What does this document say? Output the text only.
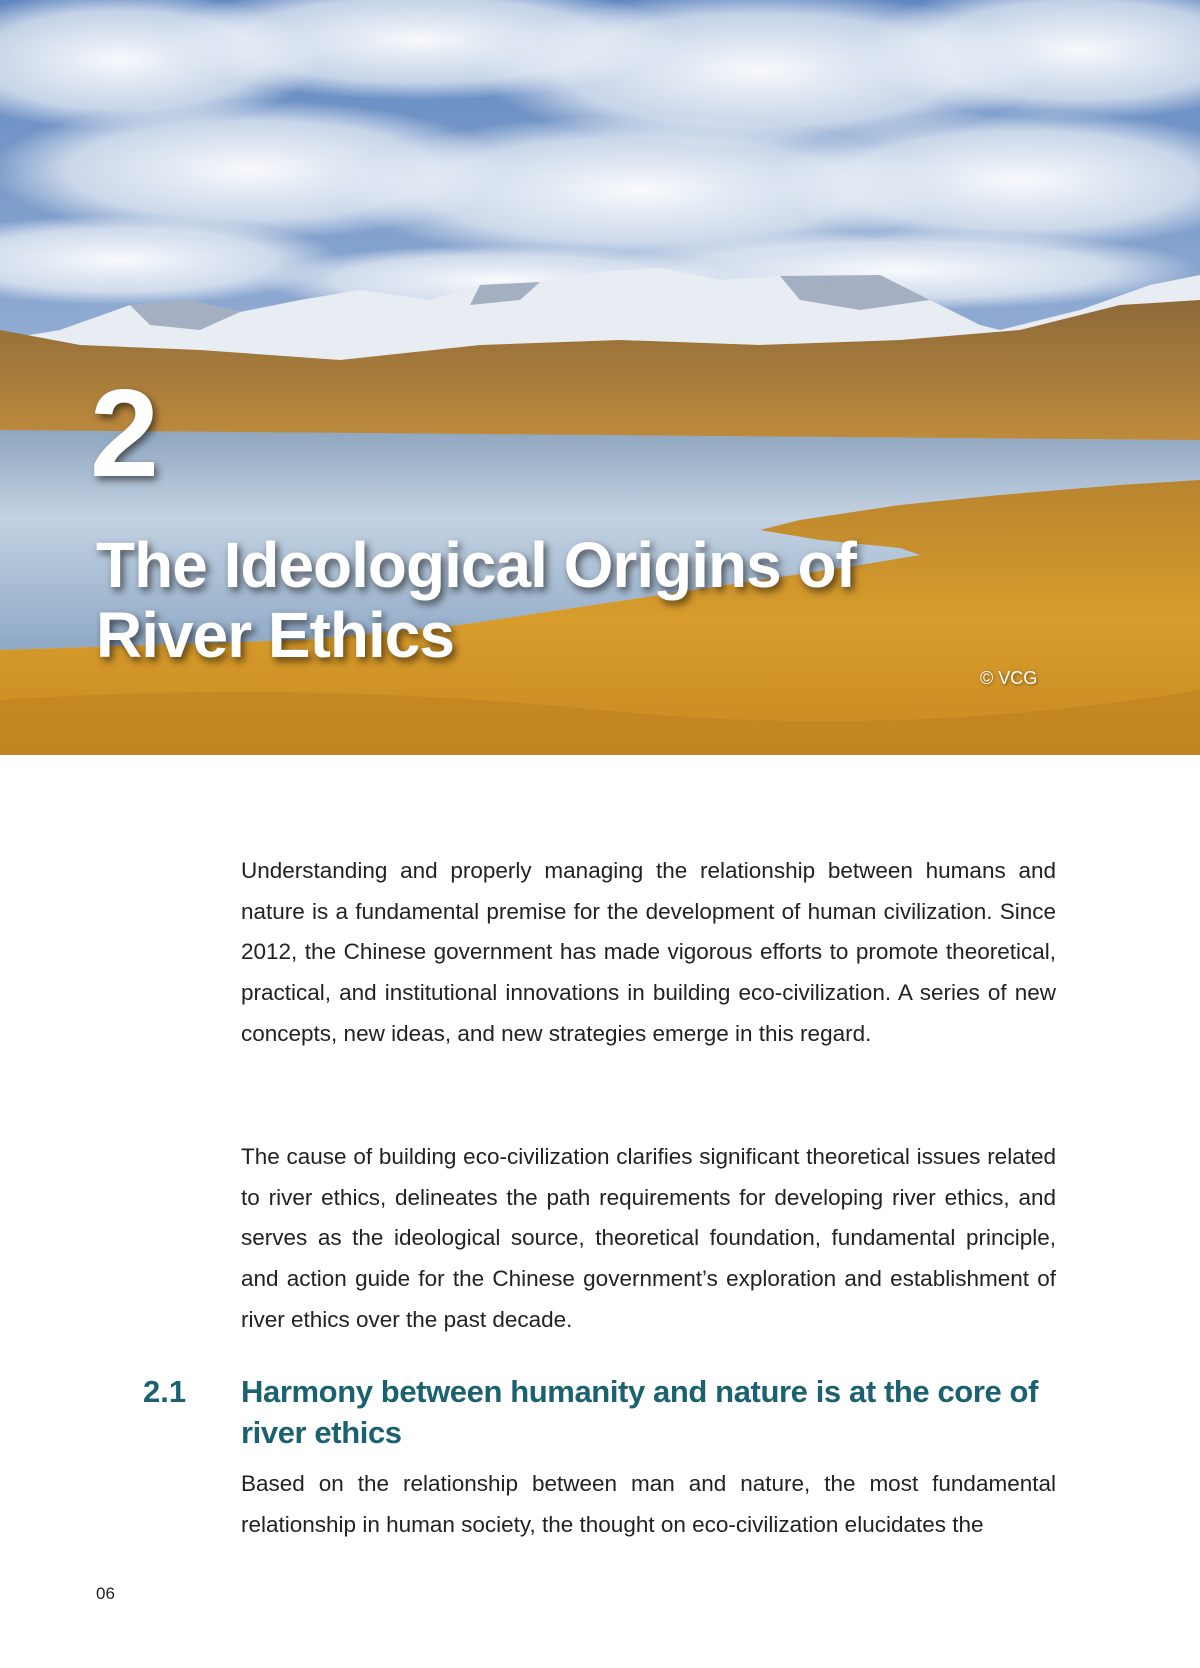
2
The Ideological Origins of River Ethics

© VCG

Understanding and properly managing the relationship between humans and nature is a fundamental premise for the development of human civilization. Since 2012, the Chinese government has made vigorous efforts to promote theoretical, practical, and institutional innovations in building eco-civilization. A series of new concepts, new ideas, and new strategies emerge in this regard.

The cause of building eco-civilization clarifies significant theoretical issues related to river ethics, delineates the path requirements for developing river ethics, and serves as the ideological source, theoretical foundation, fundamental principle, and action guide for the Chinese government’s exploration and establishment of river ethics over the past decade.

2.1 Harmony between humanity and nature is at the core of river ethics

Based on the relationship between man and nature, the most fundamental relationship in human society, the thought on eco-civilization elucidates the

06
